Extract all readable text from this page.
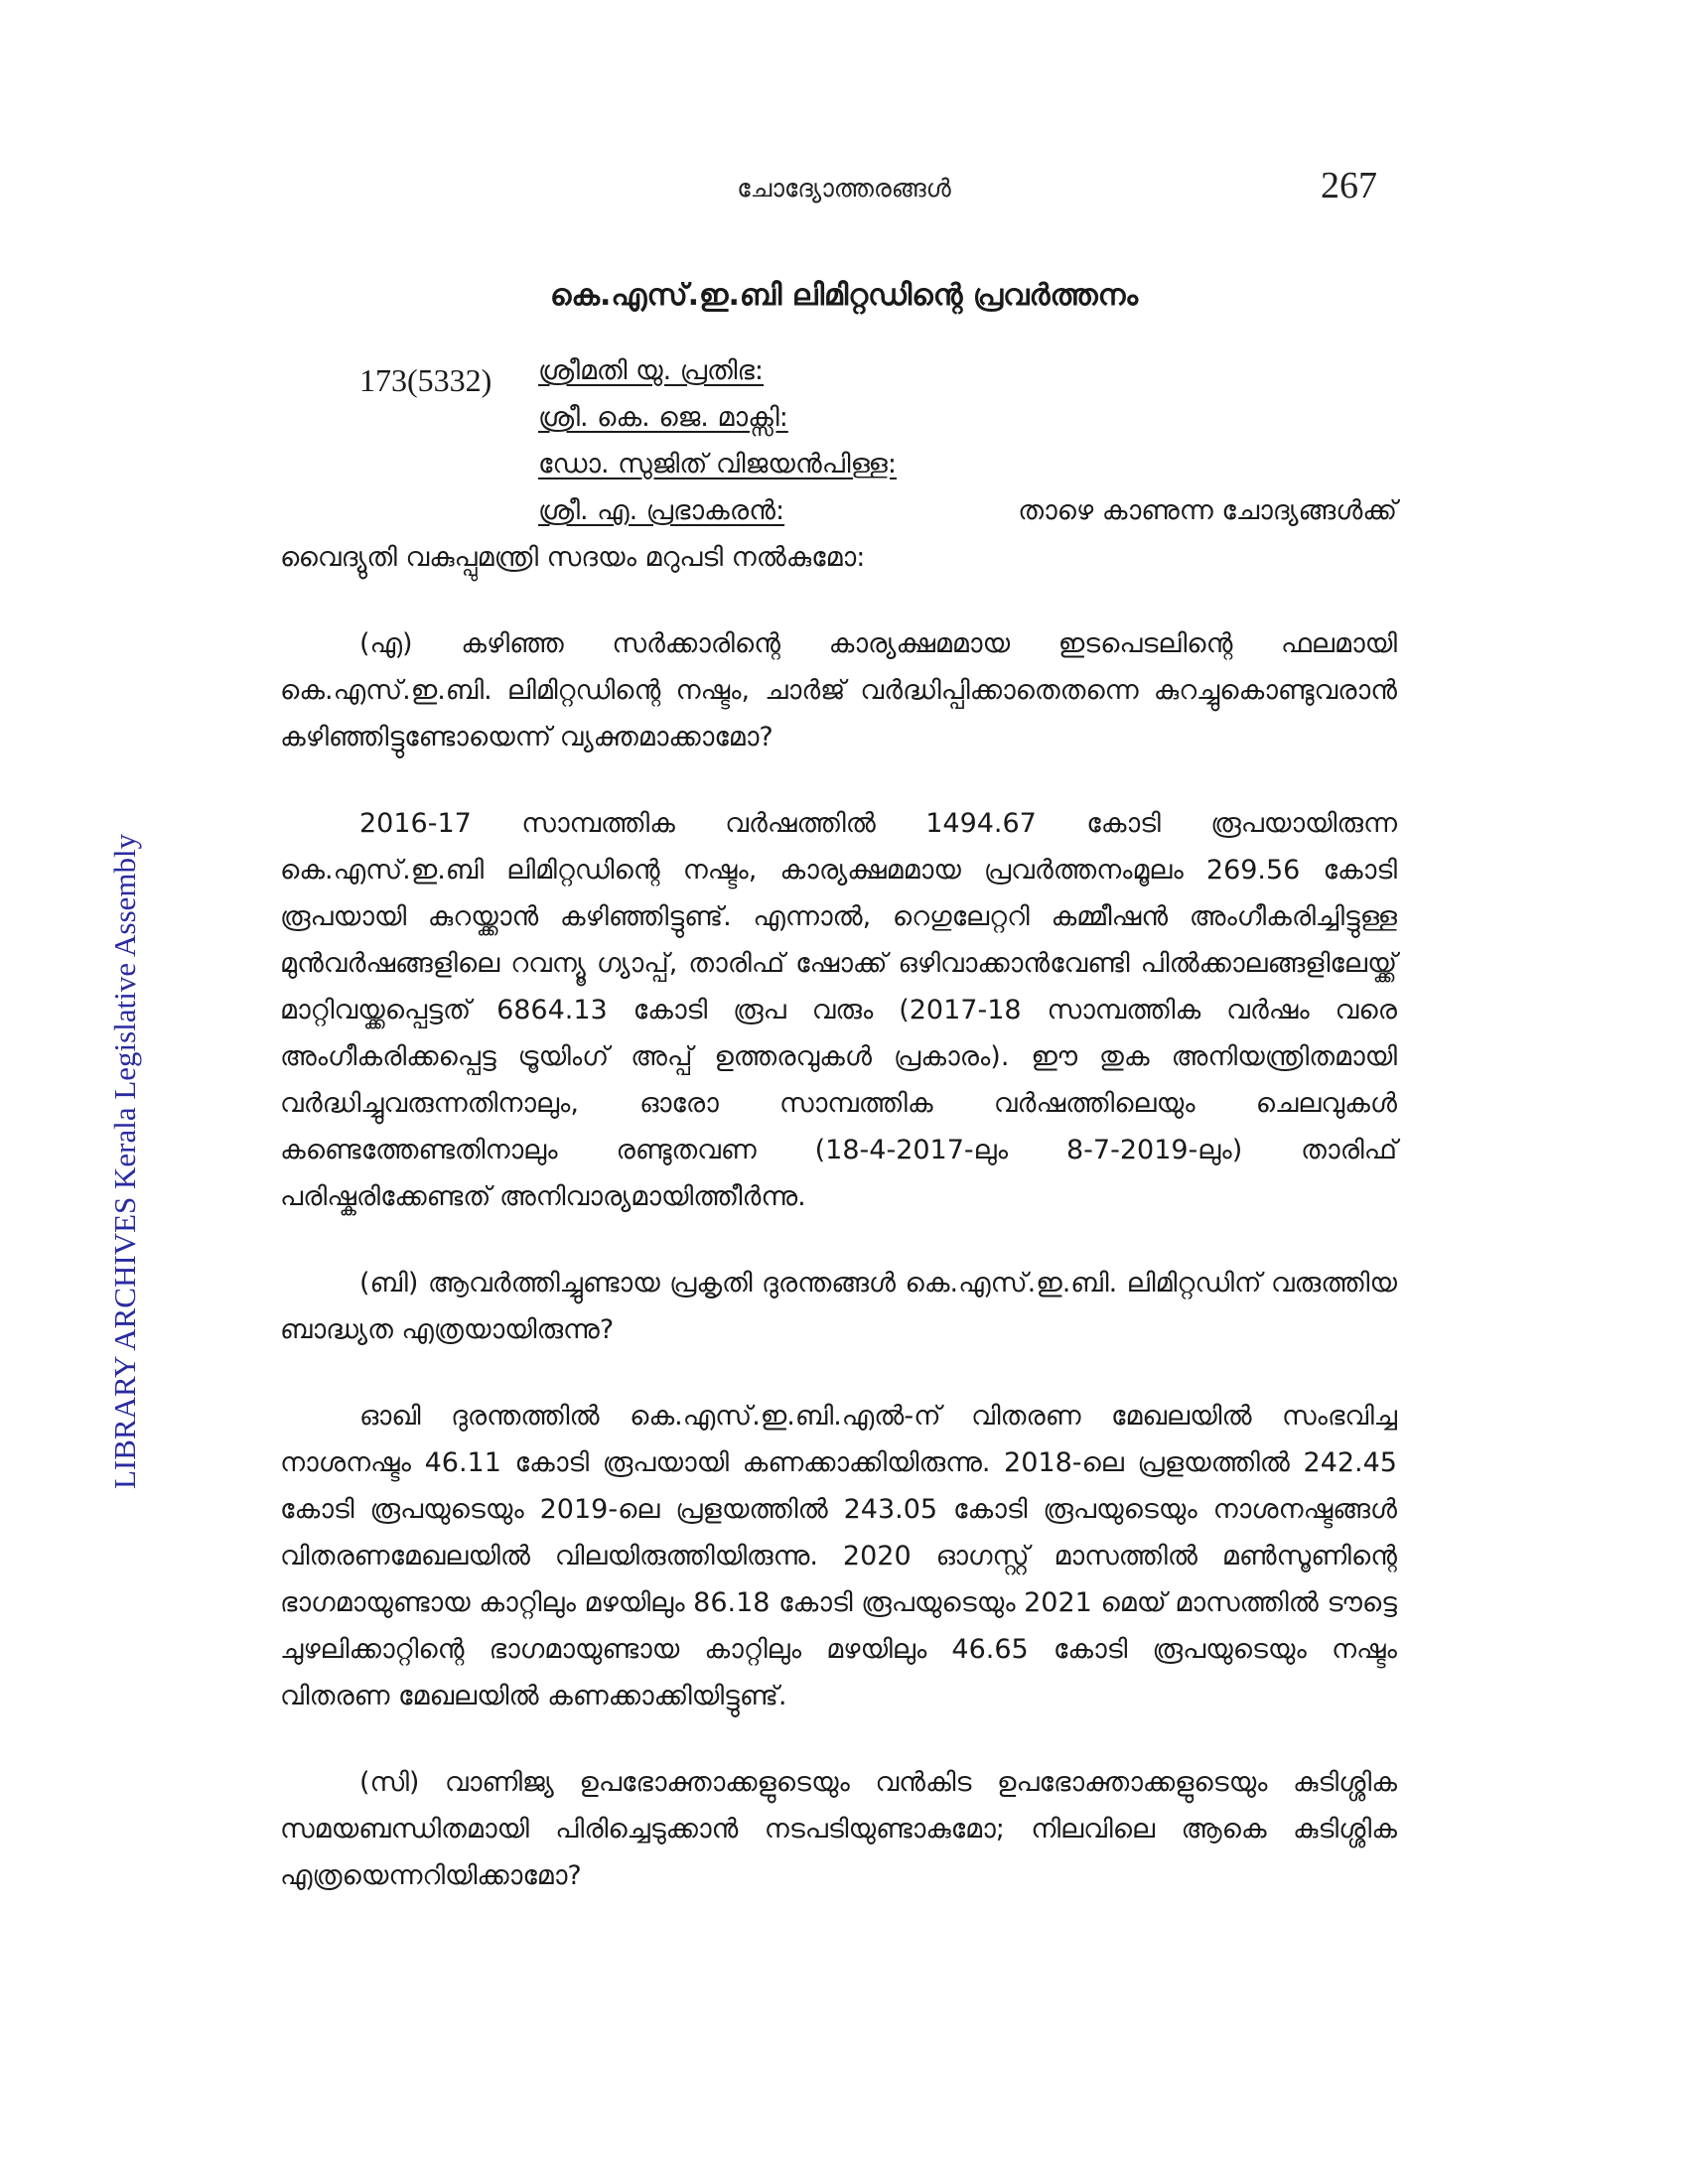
ചോദ്യോത്തരങ്ങൾ	267
LIBRARY ARCHIVES Kerala Legislative Assembly
കെ.എസ്.ഇ.ബി ലിമിറ്റഡിന്റെ പ്രവർത്തനം
173(5332) ശ്രീമതി യു. പ്രതിഭ:
ശ്രീ. കെ. ജെ. മാക്സി:
ഡോ. സുജിത് വിജയൻപിള്ള:
ശ്രീ. എ. പ്രഭാകരൻ:	താഴെ കാണുന്ന ചോദ്യങ്ങൾക്ക്
വൈദ്യുതി വകുപ്പുമന്ത്രി സദയം മറുപടി നൽകുമോ:

(എ) കഴിഞ്ഞ സർക്കാരിന്റെ കാര്യക്ഷമമായ ഇടപെടലിന്റെ ഫലമായി കെ.എസ്.ഇ.ബി. ലിമിറ്റഡിന്റെ നഷ്ടം, ചാർജ് വർദ്ധിപ്പിക്കാതെതന്നെ കുറച്ചുകൊണ്ടുവരാൻ കഴിഞ്ഞിട്ടുണ്ടോയെന്ന് വ്യക്തമാക്കാമോ?

2016-17 സാമ്പത്തിക വർഷത്തിൽ 1494.67 കോടി രൂപയായിരുന്ന കെ.എസ്.ഇ.ബി ലിമിറ്റഡിന്റെ നഷ്ടം, കാര്യക്ഷമമായ പ്രവർത്തനംമൂലം 269.56 കോടി രൂപയായി കുറയ്ക്കാൻ കഴിഞ്ഞിട്ടുണ്ട്. എന്നാൽ, റെഗുലേറ്ററി കമ്മീഷൻ അംഗീകരിച്ചിട്ടുള്ള മുൻവർഷങ്ങളിലെ റവന്യൂ ഗ്യാപ്പ്, താരിഫ് ഷോക്ക് ഒഴിവാക്കാൻവേണ്ടി പിൽക്കാലങ്ങളിലേയ്ക്ക് മാറ്റിവയ്ക്കപ്പെട്ടത് 6864.13 കോടി രൂപ വരും (2017-18 സാമ്പത്തിക വർഷം വരെ അംഗീകരിക്കപ്പെട്ട ട്രൂയിംഗ് അപ്പ് ഉത്തരവുകൾ പ്രകാരം). ഈ തുക അനിയന്ത്രിതമായി വർദ്ധിച്ചുവരുന്നതിനാലും, ഓരോ സാമ്പത്തിക വർഷത്തിലെയും ചെലവുകൾ കണ്ടെത്തേണ്ടതിനാലും രണ്ടുതവണ (18-4-2017-ലും 8-7-2019-ലും) താരിഫ് പരിഷ്കരിക്കേണ്ടത് അനിവാര്യമായിത്തീർന്നു.

(ബി) ആവർത്തിച്ചുണ്ടായ പ്രകൃതി ദുരന്തങ്ങൾ കെ.എസ്.ഇ.ബി. ലിമിറ്റഡിന് വരുത്തിയ ബാദ്ധ്യത എത്രയായിരുന്നു?

ഓഖി ദുരന്തത്തിൽ കെ.എസ്.ഇ.ബി.എൽ-ന് വിതരണ മേഖലയിൽ സംഭവിച്ച നാശനഷ്ടം 46.11 കോടി രൂപയായി കണക്കാക്കിയിരുന്നു. 2018-ലെ പ്രളയത്തിൽ 242.45 കോടി രൂപയുടെയും 2019-ലെ പ്രളയത്തിൽ 243.05 കോടി രൂപയുടെയും നാശനഷ്ടങ്ങൾ വിതരണമേഖലയിൽ വിലയിരുത്തിയിരുന്നു. 2020 ഓഗസ്റ്റ് മാസത്തിൽ മൺസൂണിന്റെ ഭാഗമായുണ്ടായ കാറ്റിലും മഴയിലും 86.18 കോടി രൂപയുടെയും 2021 മെയ് മാസത്തിൽ ടൗട്ടെ ചുഴലിക്കാറ്റിന്റെ ഭാഗമായുണ്ടായ കാറ്റിലും മഴയിലും 46.65 കോടി രൂപയുടെയും നഷ്ടം വിതരണ മേഖലയിൽ കണക്കാക്കിയിട്ടുണ്ട്.

(സി) വാണിജ്യ ഉപഭോക്താക്കളുടെയും വൻകിട ഉപഭോക്താക്കളുടെയും കുടിശ്ശിക സമയബന്ധിതമായി പിരിച്ചെടുക്കാൻ നടപടിയുണ്ടാകുമോ; നിലവിലെ ആകെ കുടിശ്ശിക എത്രയെന്നറിയിക്കാമോ?
